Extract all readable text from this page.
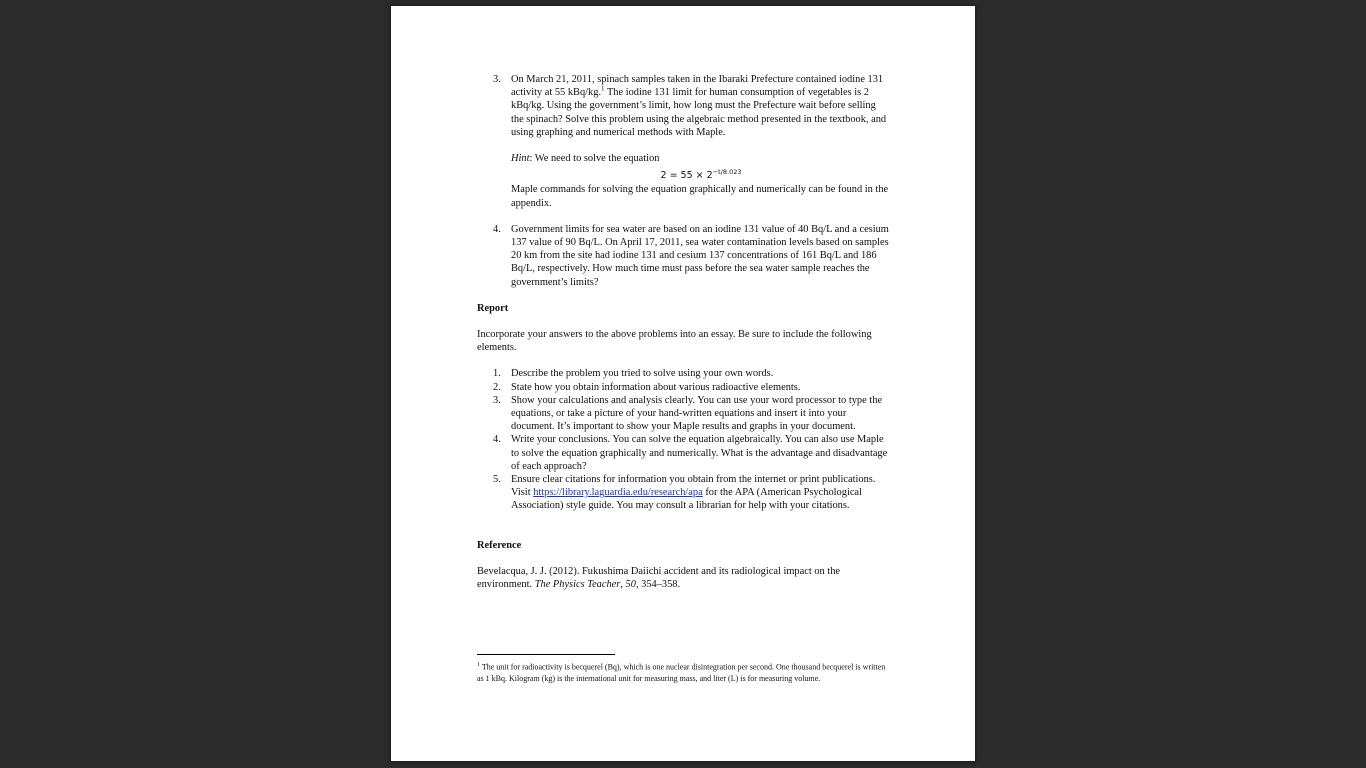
3. On March 21, 2011, spinach samples taken in the Ibaraki Prefecture contained iodine 131 activity at 55 kBq/kg.$^1$ The iodine 131 limit for human consumption of vegetables is 2 kBq/kg. Using the government’s limit, how long must the Prefecture wait before selling the spinach? Solve this problem using the algebraic method presented in the textbook, and using graphing and numerical methods with Maple.

Hint: We need to solve the equation

$2 = 55 \times 2^{-t/8.023}$

Maple commands for solving the equation graphically and numerically can be found in the appendix.

4. Government limits for sea water are based on an iodine 131 value of 40 Bq/L and a cesium 137 value of 90 Bq/L. On April 17, 2011, sea water contamination levels based on samples 20 km from the site had iodine 131 and cesium 137 concentrations of 161 Bq/L and 186 Bq/L, respectively. How much time must pass before the sea water sample reaches the government’s limits?

Report

Incorporate your answers to the above problems into an essay. Be sure to include the following elements.

1. Describe the problem you tried to solve using your own words.

2. State how you obtain information about various radioactive elements.

3. Show your calculations and analysis clearly. You can use your word processor to type the equations, or take a picture of your hand-written equations and insert it into your document. It’s important to show your Maple results and graphs in your document.

4. Write your conclusions. You can solve the equation algebraically. You can also use Maple to solve the equation graphically and numerically. What is the advantage and disadvantage of each approach?

5. Ensure clear citations for information you obtain from the internet or print publications. Visit https://library.laguardia.edu/research/apa for the APA (American Psychological Association) style guide. You may consult a librarian for help with your citations.

Reference

Bevelacqua, J. J. (2012). Fukushima Daiichi accident and its radiological impact on the environment. The Physics Teacher, 50, 354–358.

$^1$ The unit for radioactivity is becquerel (Bq), which is one nuclear disintegration per second. One thousand becquerel is written as 1 kBq. Kilogram (kg) is the international unit for measuring mass, and liter (L) is for measuring volume.
